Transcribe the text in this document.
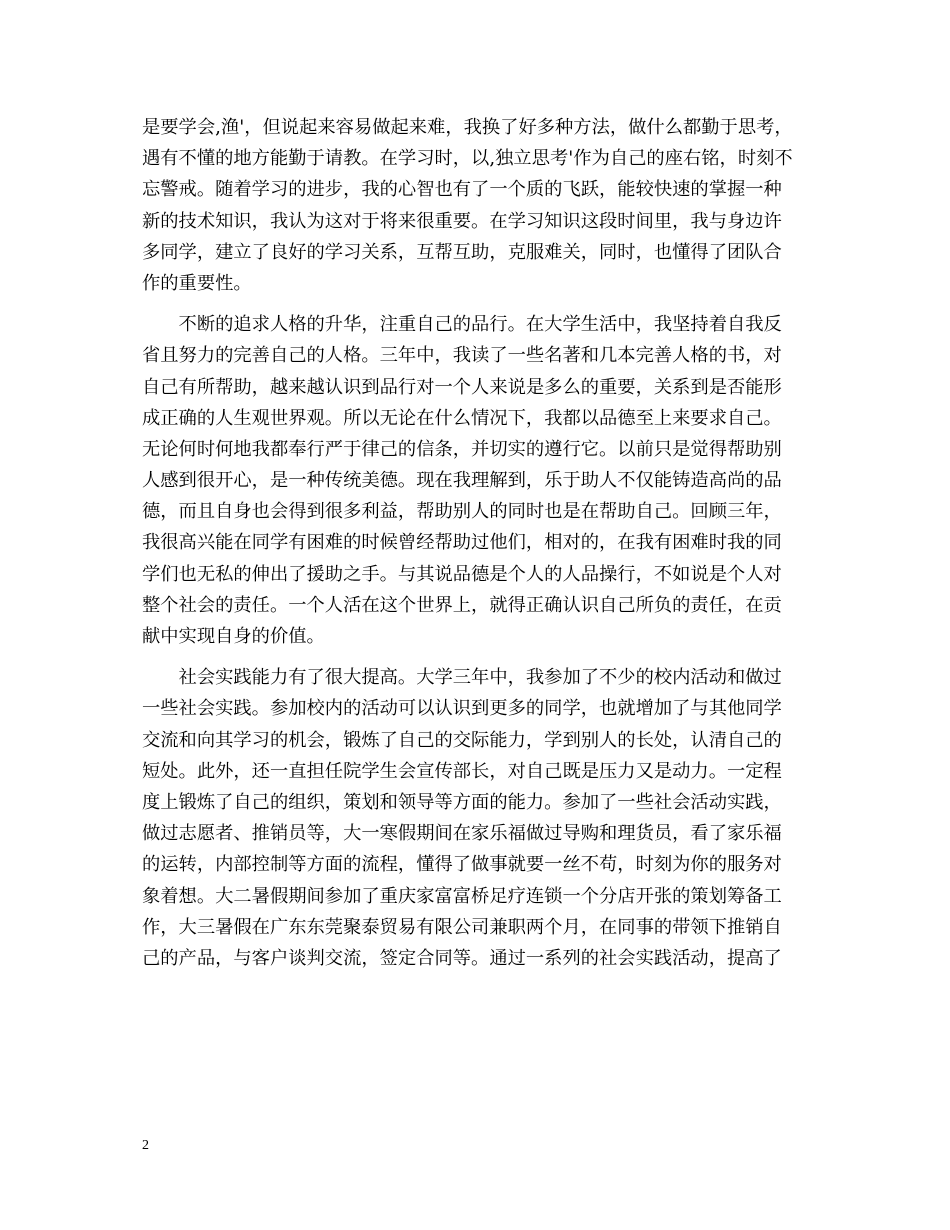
是要学会,渔'，但说起来容易做起来难，我换了好多种方法，做什么都勤于思考，
遇有不懂的地方能勤于请教。在学习时，以,独立思考'作为自己的座右铭，时刻不
忘警戒。随着学习的进步，我的心智也有了一个质的飞跃，能较快速的掌握一种
新的技术知识，我认为这对于将来很重要。在学习知识这段时间里，我与身边许
多同学，建立了良好的学习关系，互帮互助，克服难关，同时，也懂得了团队合
作的重要性。
　　不断的追求人格的升华，注重自己的品行。在大学生活中，我坚持着自我反
省且努力的完善自己的人格。三年中，我读了一些名著和几本完善人格的书，对
自己有所帮助，越来越认识到品行对一个人来说是多么的重要，关系到是否能形
成正确的人生观世界观。所以无论在什么情况下，我都以品德至上来要求自己。
无论何时何地我都奉行严于律己的信条，并切实的遵行它。以前只是觉得帮助别
人感到很开心，是一种传统美德。现在我理解到，乐于助人不仅能铸造高尚的品
德，而且自身也会得到很多利益，帮助别人的同时也是在帮助自己。回顾三年，
我很高兴能在同学有困难的时候曾经帮助过他们，相对的，在我有困难时我的同
学们也无私的伸出了援助之手。与其说品德是个人的人品操行，不如说是个人对
整个社会的责任。一个人活在这个世界上，就得正确认识自己所负的责任，在贡
献中实现自身的价值。
　　社会实践能力有了很大提高。大学三年中，我参加了不少的校内活动和做过
一些社会实践。参加校内的活动可以认识到更多的同学，也就增加了与其他同学
交流和向其学习的机会，锻炼了自己的交际能力，学到别人的长处，认清自己的
短处。此外，还一直担任院学生会宣传部长，对自己既是压力又是动力。一定程
度上锻炼了自己的组织，策划和领导等方面的能力。参加了一些社会活动实践，
做过志愿者、推销员等，大一寒假期间在家乐福做过导购和理货员，看了家乐福
的运转，内部控制等方面的流程，懂得了做事就要一丝不苟，时刻为你的服务对
象着想。大二暑假期间参加了重庆家富富桥足疗连锁一个分店开张的策划筹备工
作，大三暑假在广东东莞聚泰贸易有限公司兼职两个月，在同事的带领下推销自
己的产品，与客户谈判交流，签定合同等。通过一系列的社会实践活动，提高了
2
